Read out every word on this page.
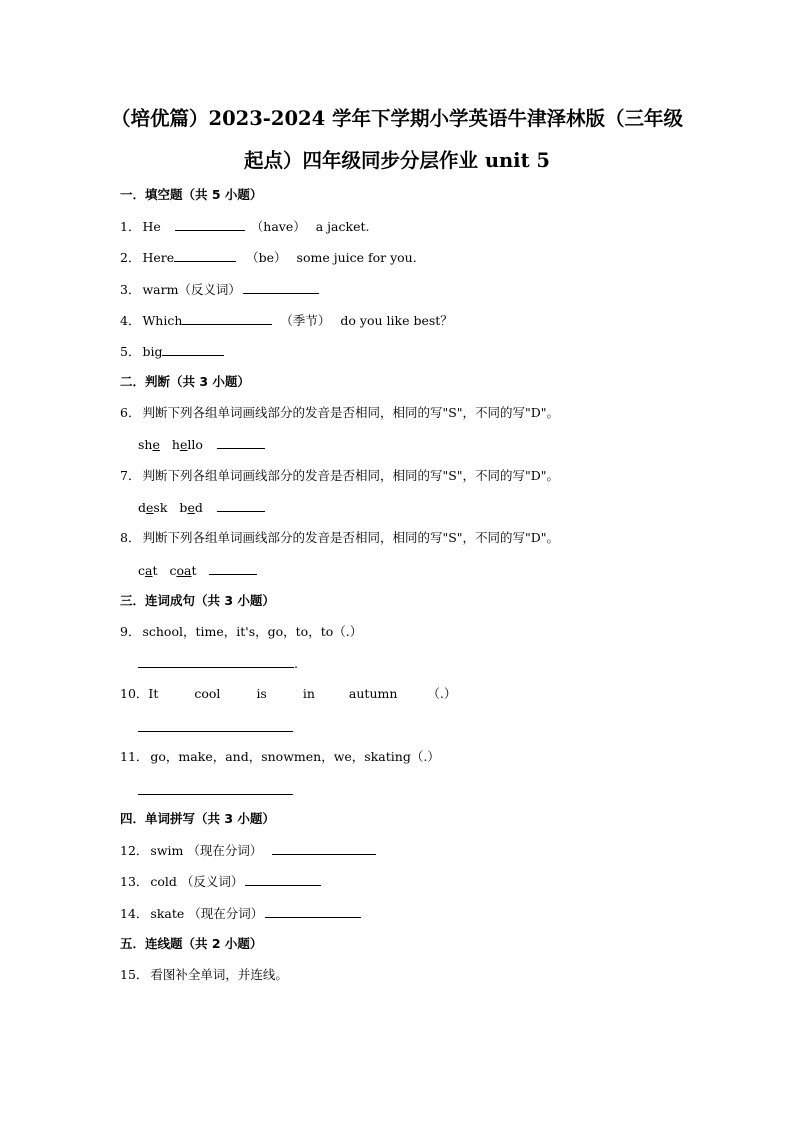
（培优篇）2023-2024 学年下学期小学英语牛津泽林版（三年级
起点）四年级同步分层作业 unit 5
一．填空题（共 5 小题）
1． He	（have） a jacket.
2． Here	（be） some juice for you.
3． warm（反义词）
4． Which	（季节） do you like best？
5． big
二．判断（共 3 小题）
6． 判断下列各组单词画线部分的发音是否相同，相同的写"S"，不同的写"D"。
she hello
7． 判断下列各组单词画线部分的发音是否相同，相同的写"S"，不同的写"D"。
desk bed
8． 判断下列各组单词画线部分的发音是否相同，相同的写"S"，不同的写"D"。
cat coat
三．连词成句（共 3 小题）
9． school，time，it's，go，to，to（.）
.
10．It	cool	is	in	autumn （.）
11． go，make，and，snowmen，we，skating（.）
四．单词拼写（共 3 小题）
12． swim （现在分词）
13． cold （反义词）
14． skate （现在分词）
五．连线题（共 2 小题）
15． 看图补全单词，并连线。
